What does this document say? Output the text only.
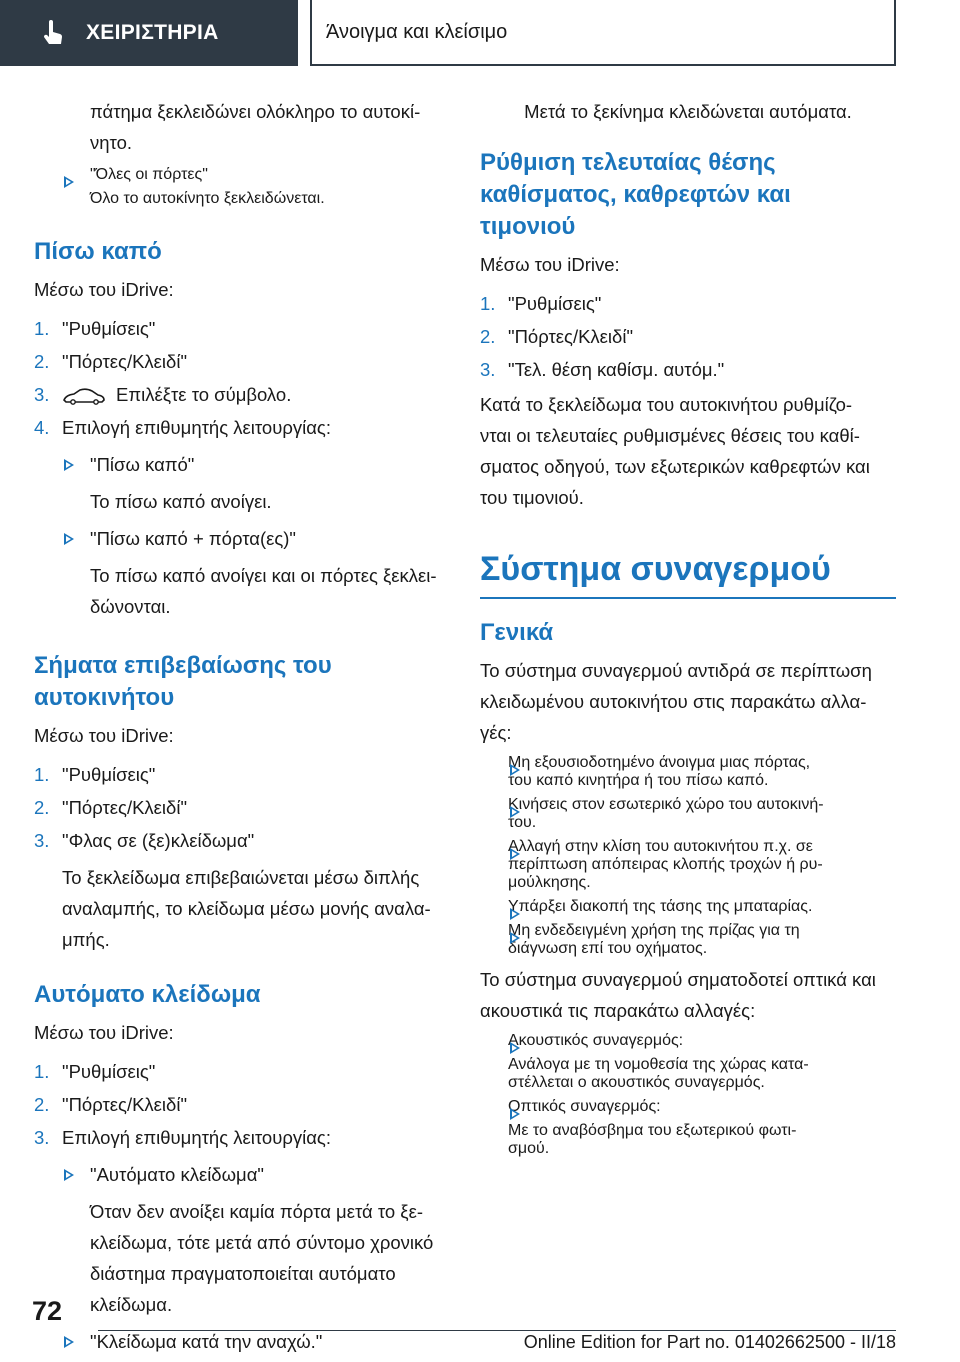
ΧΕΙΡΙΣΤΗΡΙΑ	Άνοιγμα και κλείσιμο

πάτημα ξεκλειδώνει ολόκληρο το αυτοκί-
νητο.

"Όλες οι πόρτες"
Όλο το αυτοκίνητο ξεκλειδώνεται.
Πίσω καπό

Μέσω του iDrive:

1. "Ρυθμίσεις"
2. "Πόρτες/Κλειδί"
3.	Επιλέξτε το σύμβολο.
4. Επιλογή επιθυμητής λειτουργίας:
"Πίσω καπό"
Το πίσω καπό ανοίγει.
"Πίσω καπό + πόρτα(ες)"
Το πίσω καπό ανοίγει και οι πόρτες ξεκλει-
δώνονται.
Σήματα επιβεβαίωσης του
αυτοκινήτου

Μέσω του iDrive:

1. "Ρυθμίσεις"
2. "Πόρτες/Κλειδί"
3. "Φλας σε (ξε)κλείδωμα"

Το ξεκλείδωμα επιβεβαιώνεται μέσω διπλής
αναλαμπής, το κλείδωμα μέσω μονής αναλα-
μπής.

Αυτόματο κλείδωμα

Μέσω του iDrive:

1. "Ρυθμίσεις"
2. "Πόρτες/Κλειδί"
3. Επιλογή επιθυμητής λειτουργίας:
"Αυτόματο κλείδωμα"
Όταν δεν ανοίξει καμία πόρτα μετά το ξε-
κλείδωμα, τότε μετά από σύντομο χρονικό
διάστημα πραγματοποιείται αυτόματο
κλείδωμα.
"Κλείδωμα κατά την αναχώ."

Μετά το ξεκίνημα κλειδώνεται αυτόματα.

Ρύθμιση τελευταίας θέσης
καθίσματος, καθρεφτών και
τιμονιού

Μέσω του iDrive:

1. "Ρυθμίσεις"
2. "Πόρτες/Κλειδί"
3. "Τελ. θέση καθίσμ. αυτόμ."

Κατά το ξεκλείδωμα του αυτοκινήτου ρυθμίζο-
νται οι τελευταίες ρυθμισμένες θέσεις του καθί-
σματος οδηγού, των εξωτερικών καθρεφτών και
του τιμονιού.

Σύστημα συναγερμού
Γενικά

Το σύστημα συναγερμού αντιδρά σε περίπτωση
κλειδωμένου αυτοκινήτου στις παρακάτω αλλα-
γές:

Μη εξουσιοδοτημένο άνοιγμα μιας πόρτας,
του καπό κινητήρα ή του πίσω καπό.
Κινήσεις στον εσωτερικό χώρο του αυτοκινή-
του.
Αλλαγή στην κλίση του αυτοκινήτου π.χ. σε
περίπτωση απόπειρας κλοπής τροχών ή ρυ-
μούλκησης.
Υπάρξει διακοπή της τάσης της μπαταρίας.
Μη ενδεδειγμένη χρήση της πρίζας για τη
διάγνωση επί του οχήματος.

Το σύστημα συναγερμού σηματοδοτεί οπτικά και
ακουστικά τις παρακάτω αλλαγές:

Ακουστικός συναγερμός:
Ανάλογα με τη νομοθεσία της χώρας κατα-
στέλλεται ο ακουστικός συναγερμός.
Οπτικός συναγερμός:
Με το αναβόσβημα του εξωτερικού φωτι-
σμού.
72
Online Edition for Part no. 01402662500 - II/18
